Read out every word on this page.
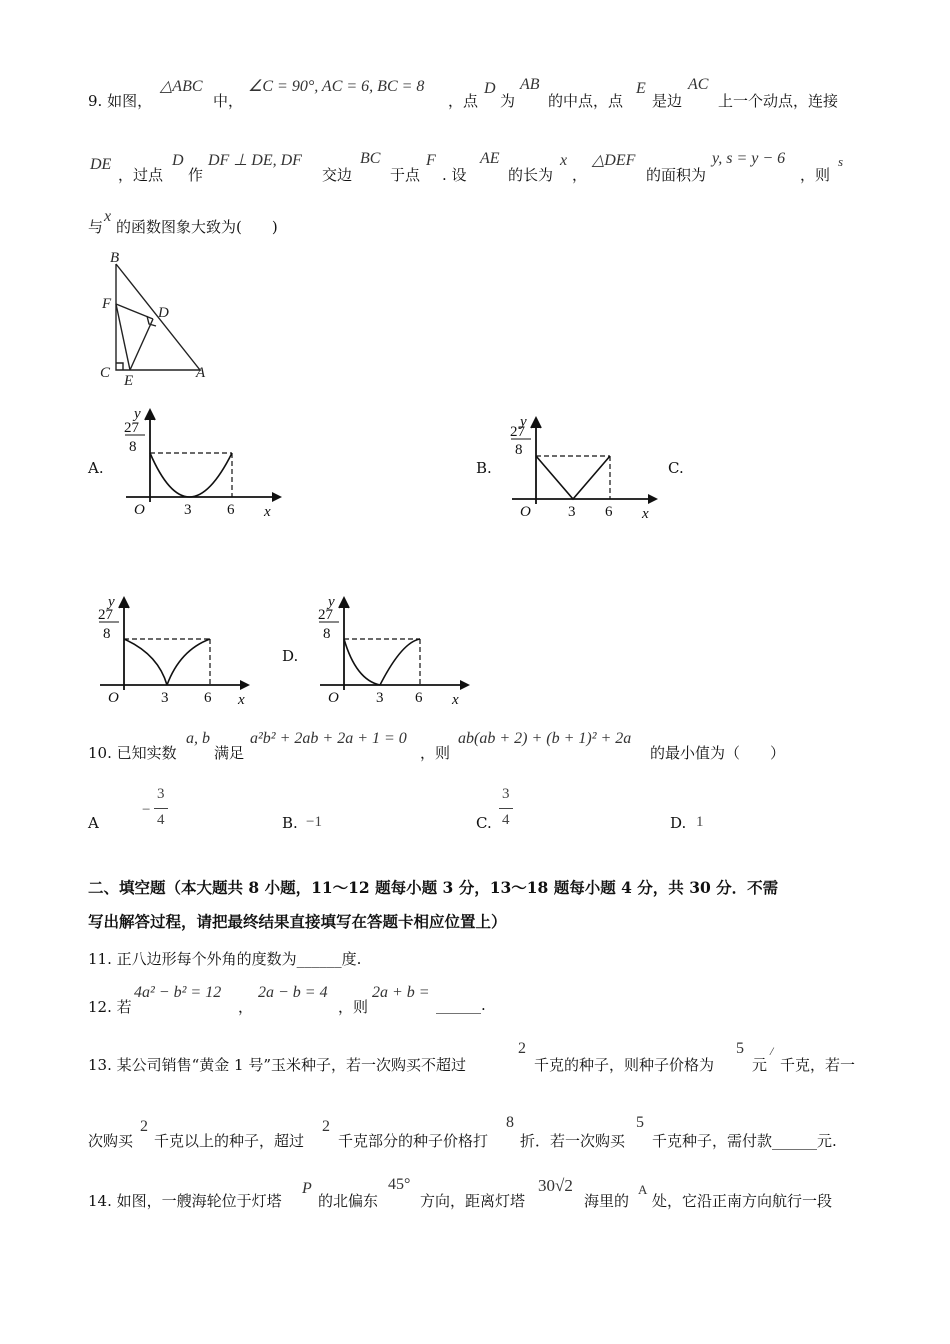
9. 如图，
△ABC
中，
∠C = 90°, AC = 6, BC = 8
，点
D
为
AB
的中点，点
E
是边
AC
上一个动点，连接
DE
，过点
D
作
DF ⊥ DE, DF
交边
BC
于点
F
. 设
AE
的长为
x
，
△DEF
的面积为
y, s = y − 6
，则
s
与
x
的函数图象大致为(　　)
B
F
D
C E	A
A.	B.	C.
D.
y
27
8
O	3 6 x
y
27
8
O 3 6 x
y
27
8
O	3 6 x
y
27
8
O 3 6 x
10. 已知实数
a, b
满足
a²b² + 2ab + 2a + 1 = 0
，则
ab(ab + 2) + (b + 1)² + 2a
的最小值为（　　）
A
−
3
4	B. −1	C.
3
4	D. 1
二、填空题（本大题共 8 小题，11～12 题每小题 3 分，13～18 题每小题 4 分，共 30 分．不需
写出解答过程，请把最终结果直接填写在答题卡相应位置上）
11. 正八边形每个外角的度数为______度.
12. 若
4a² − b² = 12
，
2a − b = 4
，则
2a + b =
______.
13. 某公司销售“黄金 1 号”玉米种子，若一次购买不超过
2
千克的种子，则种子价格为
5
元
/
千克，若一
次购买
2
千克以上的种子，超过
2
千克部分的种子价格打
8
折．若一次购买
5
千克种子，需付款______元.
14. 如图，一艘海轮位于灯塔
P
的北偏东
45°
方向，距离灯塔
30√2
海里的
A
处，它沿正南方向航行一段
